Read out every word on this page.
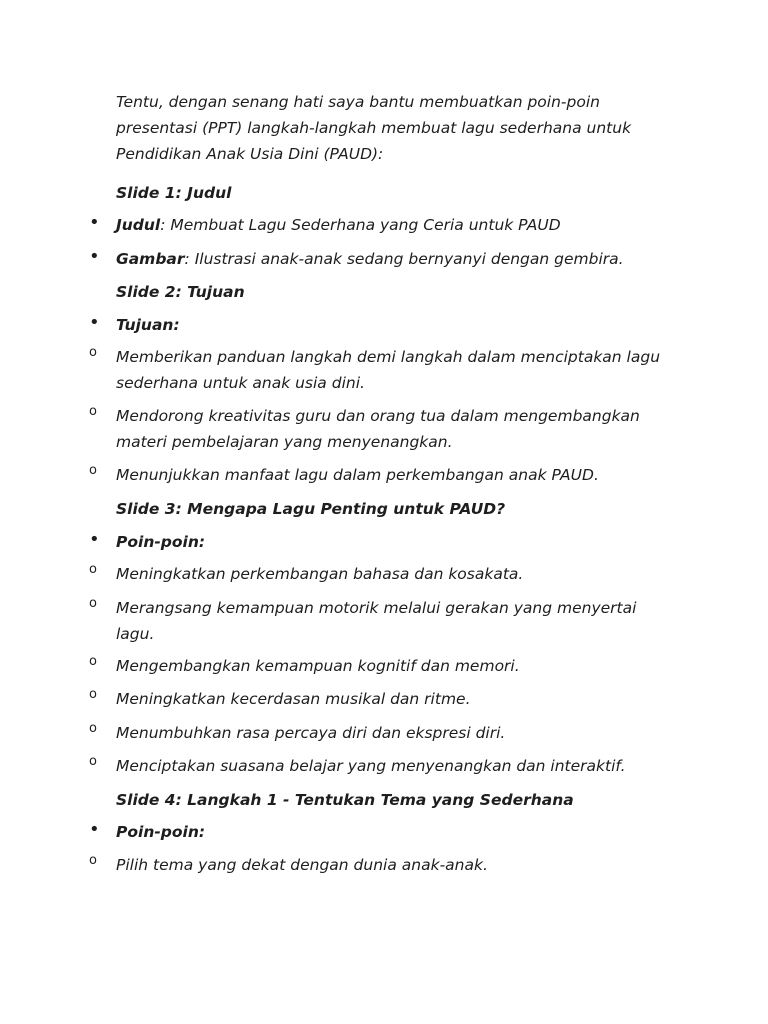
Tentu, dengan senang hati saya bantu membuatkan poin-poin presentasi (PPT) langkah-langkah membuat lagu sederhana untuk Pendidikan Anak Usia Dini (PAUD):

Slide 1: Judul
• Judul: Membuat Lagu Sederhana yang Ceria untuk PAUD
• Gambar: Ilustrasi anak-anak sedang bernyanyi dengan gembira.
Slide 2: Tujuan
• Tujuan:
o Memberikan panduan langkah demi langkah dalam menciptakan lagu sederhana untuk anak usia dini.
o Mendorong kreativitas guru dan orang tua dalam mengembangkan materi pembelajaran yang menyenangkan.
o Menunjukkan manfaat lagu dalam perkembangan anak PAUD.
Slide 3: Mengapa Lagu Penting untuk PAUD?
• Poin-poin:
o Meningkatkan perkembangan bahasa dan kosakata.
o Merangsang kemampuan motorik melalui gerakan yang menyertai lagu.
o Mengembangkan kemampuan kognitif dan memori.
o Meningkatkan kecerdasan musikal dan ritme.
o Menumbuhkan rasa percaya diri dan ekspresi diri.
o Menciptakan suasana belajar yang menyenangkan dan interaktif.
Slide 4: Langkah 1 - Tentukan Tema yang Sederhana
• Poin-poin:
o Pilih tema yang dekat dengan dunia anak-anak.
